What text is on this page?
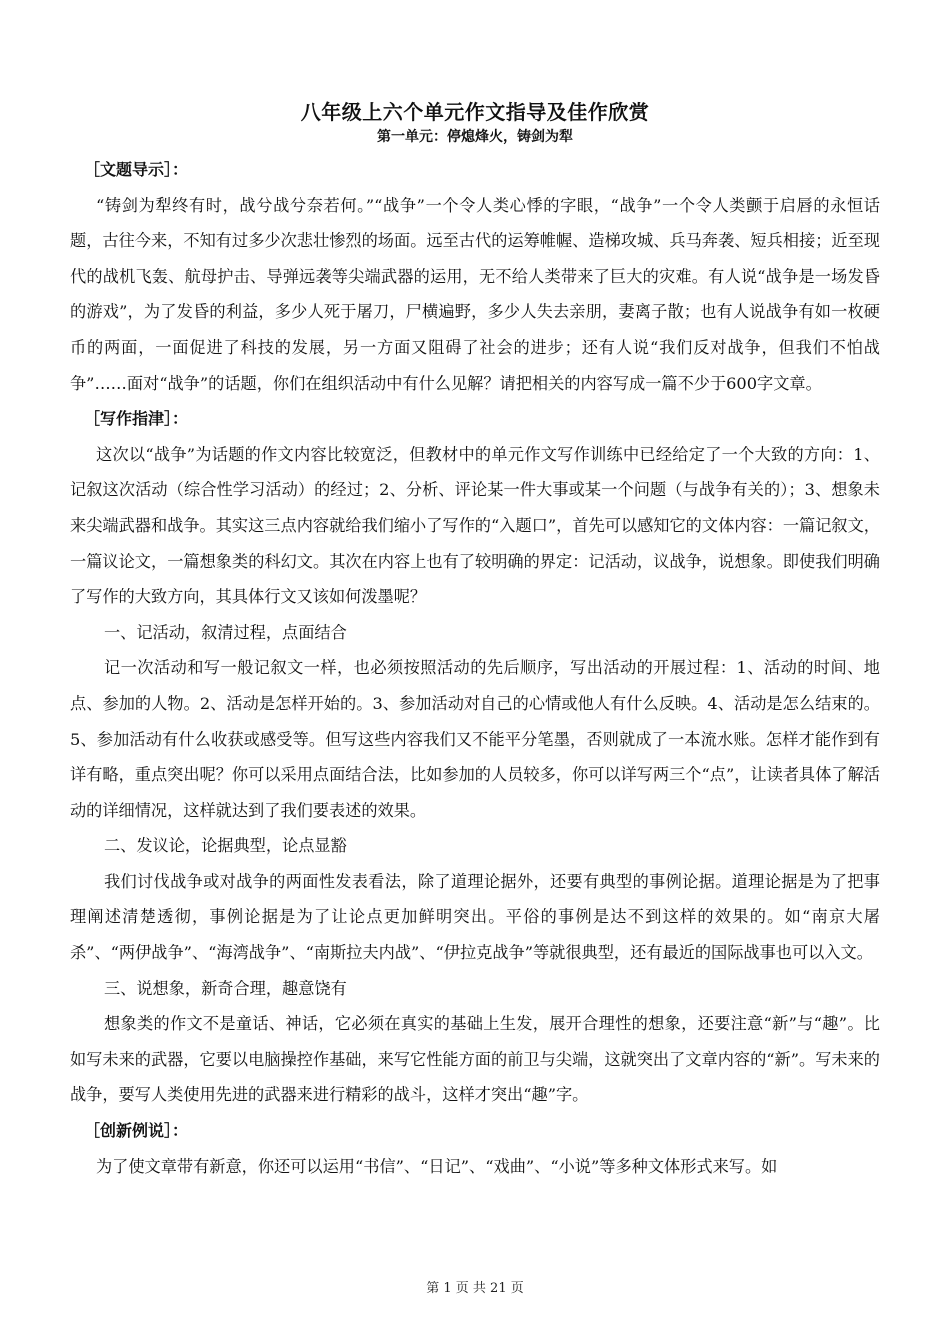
八年级上六个单元作文指导及佳作欣赏
第一单元：停熄烽火，铸剑为犁

［文题导示］：

“铸剑为犁终有时，战兮战兮奈若何。”“战争”一个令人类心悸的字眼，“战争”一个令人类颤于启唇的永恒话题，古往今来，不知有过多少次悲壮惨烈的场面。远至古代的运筹帷幄、造梯攻城、兵马奔袭、短兵相接；近至现代的战机飞轰、航母护击、导弹远袭等尖端武器的运用，无不给人类带来了巨大的灾难。有人说“战争是一场发昏的游戏”，为了发昏的利益，多少人死于屠刀，尸横遍野，多少人失去亲朋，妻离子散；也有人说战争有如一枚硬币的两面，一面促进了科技的发展，另一方面又阻碍了社会的进步；还有人说“我们反对战争，但我们不怕战争”……面对“战争”的话题，你们在组织活动中有什么见解？请把相关的内容写成一篇不少于600字文章。

［写作指津］：

这次以“战争”为话题的作文内容比较宽泛，但教材中的单元作文写作训练中已经给定了一个大致的方向：1、记叙这次活动（综合性学习活动）的经过；2、分析、评论某一件大事或某一个问题（与战争有关的）；3、想象未来尖端武器和战争。其实这三点内容就给我们缩小了写作的“入题口”，首先可以感知它的文体内容：一篇记叙文，一篇议论文，一篇想象类的科幻文。其次在内容上也有了较明确的界定：记活动，议战争，说想象。即使我们明确了写作的大致方向，其具体行文又该如何泼墨呢？

一、记活动，叙清过程，点面结合

记一次活动和写一般记叙文一样，也必须按照活动的先后顺序，写出活动的开展过程：1、活动的时间、地点、参加的人物。2、活动是怎样开始的。3、参加活动对自己的心情或他人有什么反映。4、活动是怎么结束的。5、参加活动有什么收获或感受等。但写这些内容我们又不能平分笔墨，否则就成了一本流水账。怎样才能作到有详有略，重点突出呢？你可以采用点面结合法，比如参加的人员较多，你可以详写两三个“点”，让读者具体了解活动的详细情况，这样就达到了我们要表述的效果。

二、发议论，论据典型，论点显豁

我们讨伐战争或对战争的两面性发表看法，除了道理论据外，还要有典型的事例论据。道理论据是为了把事理阐述清楚透彻，事例论据是为了让论点更加鲜明突出。平俗的事例是达不到这样的效果的。如“南京大屠杀”、“两伊战争”、“海湾战争”、“南斯拉夫内战”、“伊拉克战争”等就很典型，还有最近的国际战事也可以入文。

三、说想象，新奇合理，趣意饶有

想象类的作文不是童话、神话，它必须在真实的基础上生发，展开合理性的想象，还要注意“新”与“趣”。比如写未来的武器，它要以电脑操控作基础，来写它性能方面的前卫与尖端，这就突出了文章内容的“新”。写未来的战争，要写人类使用先进的武器来进行精彩的战斗，这样才突出“趣”字。

［创新例说］：

为了使文章带有新意，你还可以运用“书信”、“日记”、“戏曲”、“小说”等多种文体形式来写。如

第 1 页 共 21 页
